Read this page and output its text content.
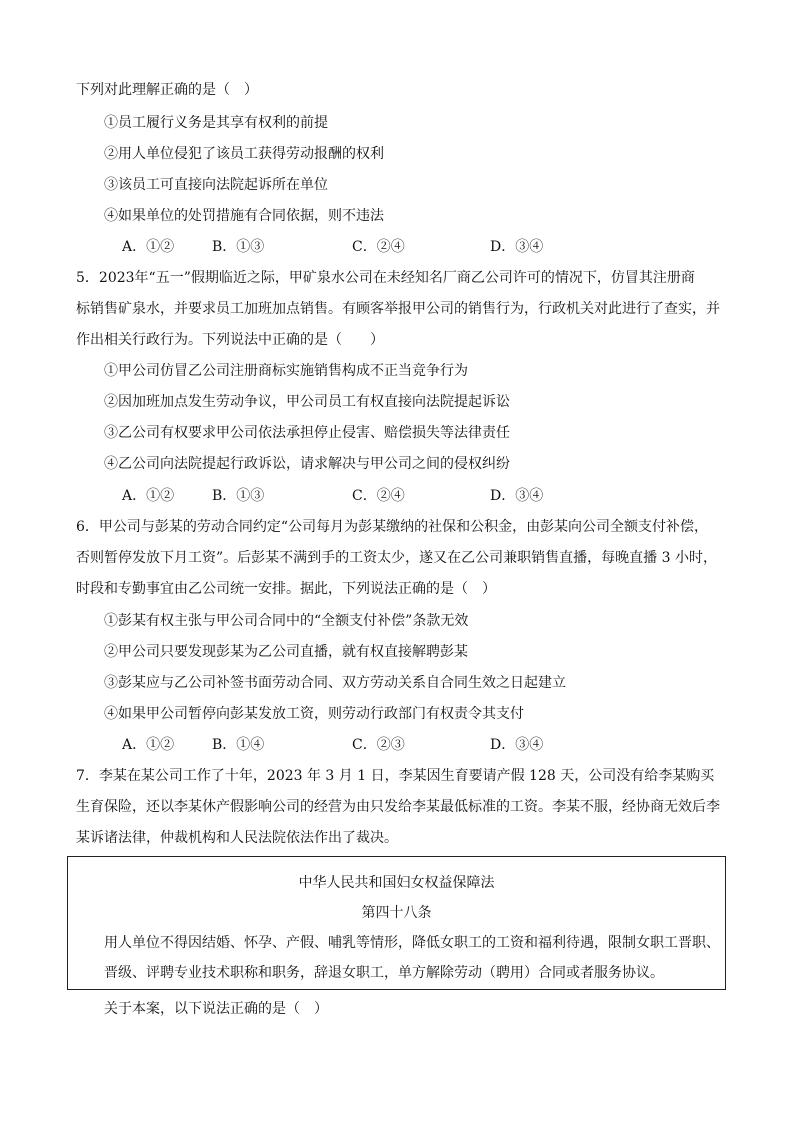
下列对此理解正确的是（　）
①员工履行义务是其享有权利的前提
②用人单位侵犯了该员工获得劳动报酬的权利
③该员工可直接向法院起诉所在单位
④如果单位的处罚措施有合同依据，则不违法
A．①②	B．①③	C．②④	D．③④
5．2023年“五一”假期临近之际，甲矿泉水公司在未经知名厂商乙公司许可的情况下，仿冒其注册商
标销售矿泉水，并要求员工加班加点销售。有顾客举报甲公司的销售行为，行政机关对此进行了查实，并
作出相关行政行为。下列说法中正确的是（　　）
①甲公司仿冒乙公司注册商标实施销售构成不正当竞争行为
②因加班加点发生劳动争议，甲公司员工有权直接向法院提起诉讼
③乙公司有权要求甲公司依法承担停止侵害、赔偿损失等法律责任
④乙公司向法院提起行政诉讼，请求解决与甲公司之间的侵权纠纷
A．①②	B．①③	C．②④	D．③④
6．甲公司与彭某的劳动合同约定“公司每月为彭某缴纳的社保和公积金，由彭某向公司全额支付补偿，
否则暂停发放下月工资”。后彭某不满到手的工资太少，遂又在乙公司兼职销售直播，每晚直播 3 小时，
时段和专勤事宜由乙公司统一安排。据此，下列说法正确的是（　）
①彭某有权主张与甲公司合同中的“全额支付补偿”条款无效
②甲公司只要发现彭某为乙公司直播，就有权直接解聘彭某
③彭某应与乙公司补签书面劳动合同、双方劳动关系自合同生效之日起建立
④如果甲公司暂停向彭某发放工资，则劳动行政部门有权责令其支付
A．①②	B．①④	C．②③	D．③④
7．李某在某公司工作了十年，2023 年 3 月 1 日，李某因生育要请产假 128 天，公司没有给李某购买
生育保险，还以李某休产假影响公司的经营为由只发给李某最低标准的工资。李某不服，经协商无效后李
某诉诸法律，仲裁机构和人民法院依法作出了裁决。
中华人民共和国妇女权益保障法
第四十八条
用人单位不得因结婚、怀孕、产假、哺乳等情形，降低女职工的工资和福利待遇，限制女职工晋职、
晋级、评聘专业技术职称和职务，辞退女职工，单方解除劳动（聘用）合同或者服务协议。
关于本案，以下说法正确的是（　）
